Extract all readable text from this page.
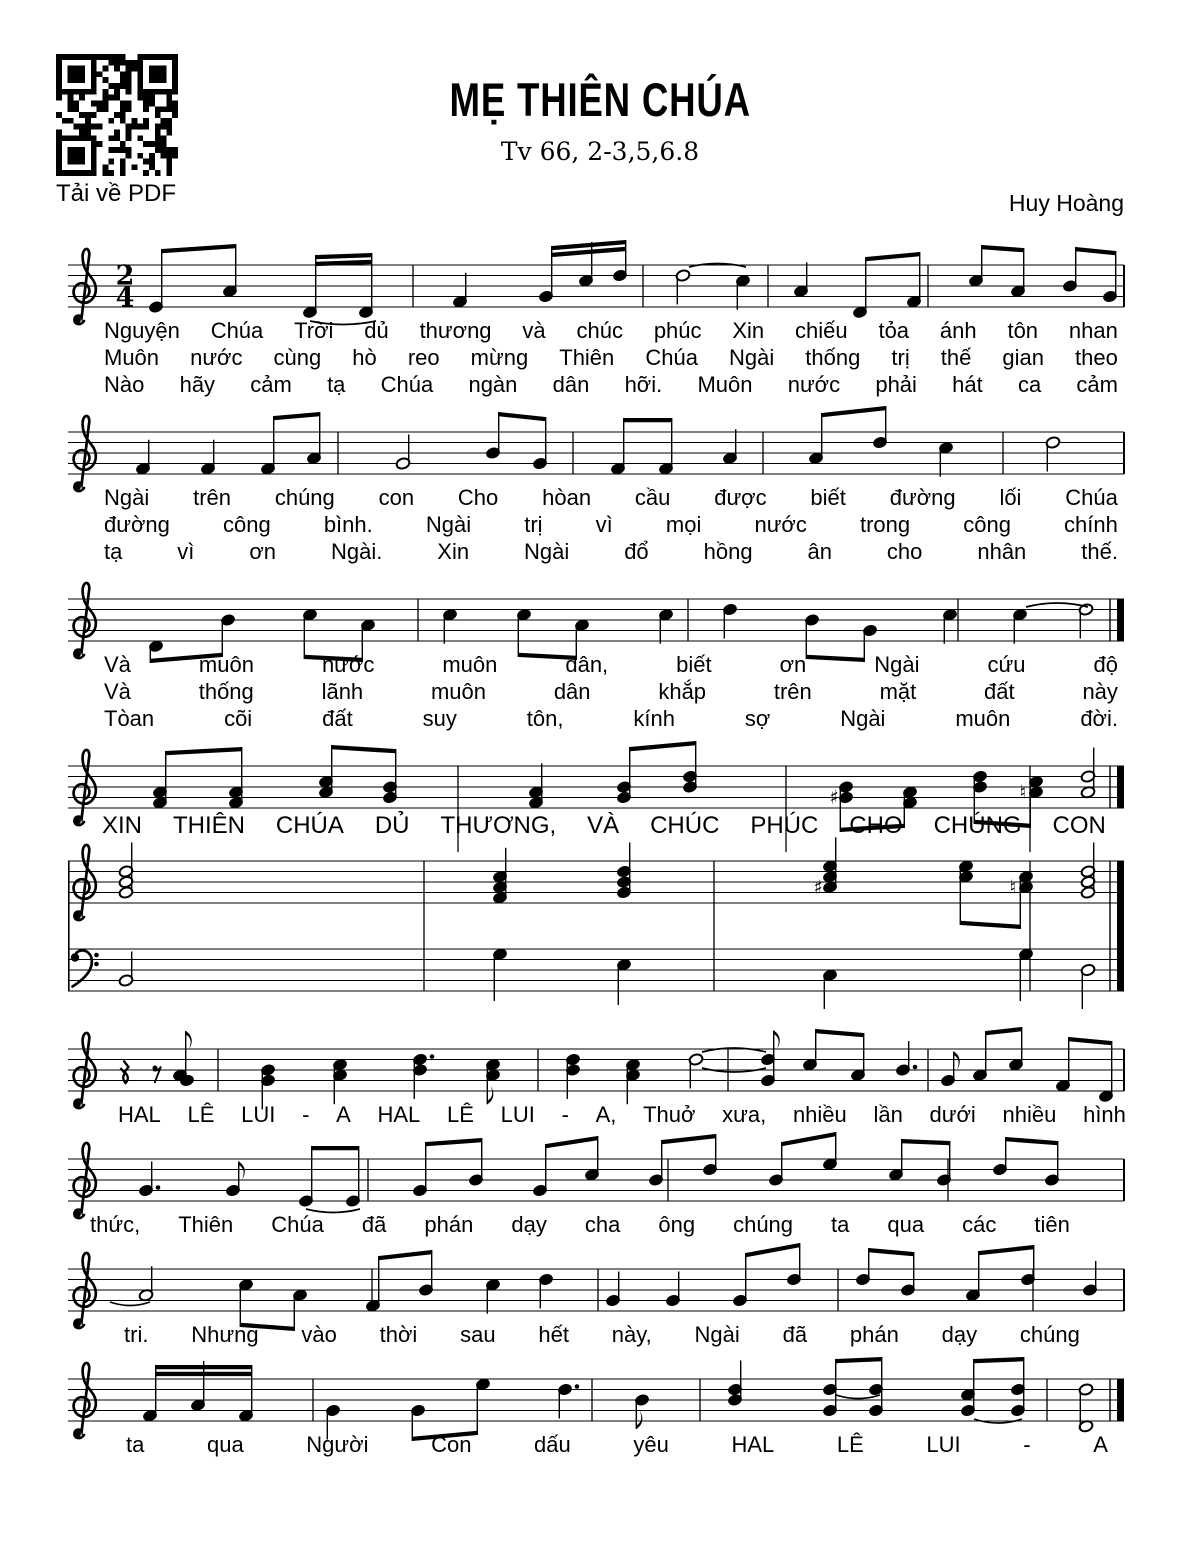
Tải về PDF
MẸ THIÊN CHÚA
Tv 66, 2-3,5,6.8
Huy Hoàng
2
4
Nguyện Chúa Trời dủ thương và chúc phúc Xin chiếu tỏa ánh tôn nhan
Muôn nước cùng hò reo mừng Thiên Chúa Ngài thống trị thế gian theo
Nào hãy cảm tạ Chúa ngàn dân hỡi. Muôn nước phải hát ca cảm
Ngài trên chúng con Cho hòan cầu được biết đường lối Chúa
đường công bình. Ngài trị vì mọi nước trong công chính
tạ vì ơn Ngài. Xin Ngài đổ hồng ân cho nhân thế.
Và	muôn	nước	muôn	dân,	biết	ơn	Ngài	cứu	độ
Và	thống	lãnh	muôn	dân	khắp	trên	mặt	đất	này
Tòan	cõi	đất	suy	tôn,	kính	sợ	Ngài	muôn	đời.
♯	♮
XIN THIÊN CHÚA DỦ THƯƠNG, VÀ CHÚC PHÚC CHO CHÚNG CON
♯	♮
HAL LÊ LUI - A HAL LÊ LUI - A, Thuở xưa, nhiều lần dưới nhiều hình
thức, Thiên Chúa đã phán dạy cha ông chúng ta qua các tiên
tri. Nhưng vào thời sau hết này, Ngài đã phán dạy chúng
ta	qua	Người	Con	dấu	yêu	HAL	LÊ	LUI	-	A
